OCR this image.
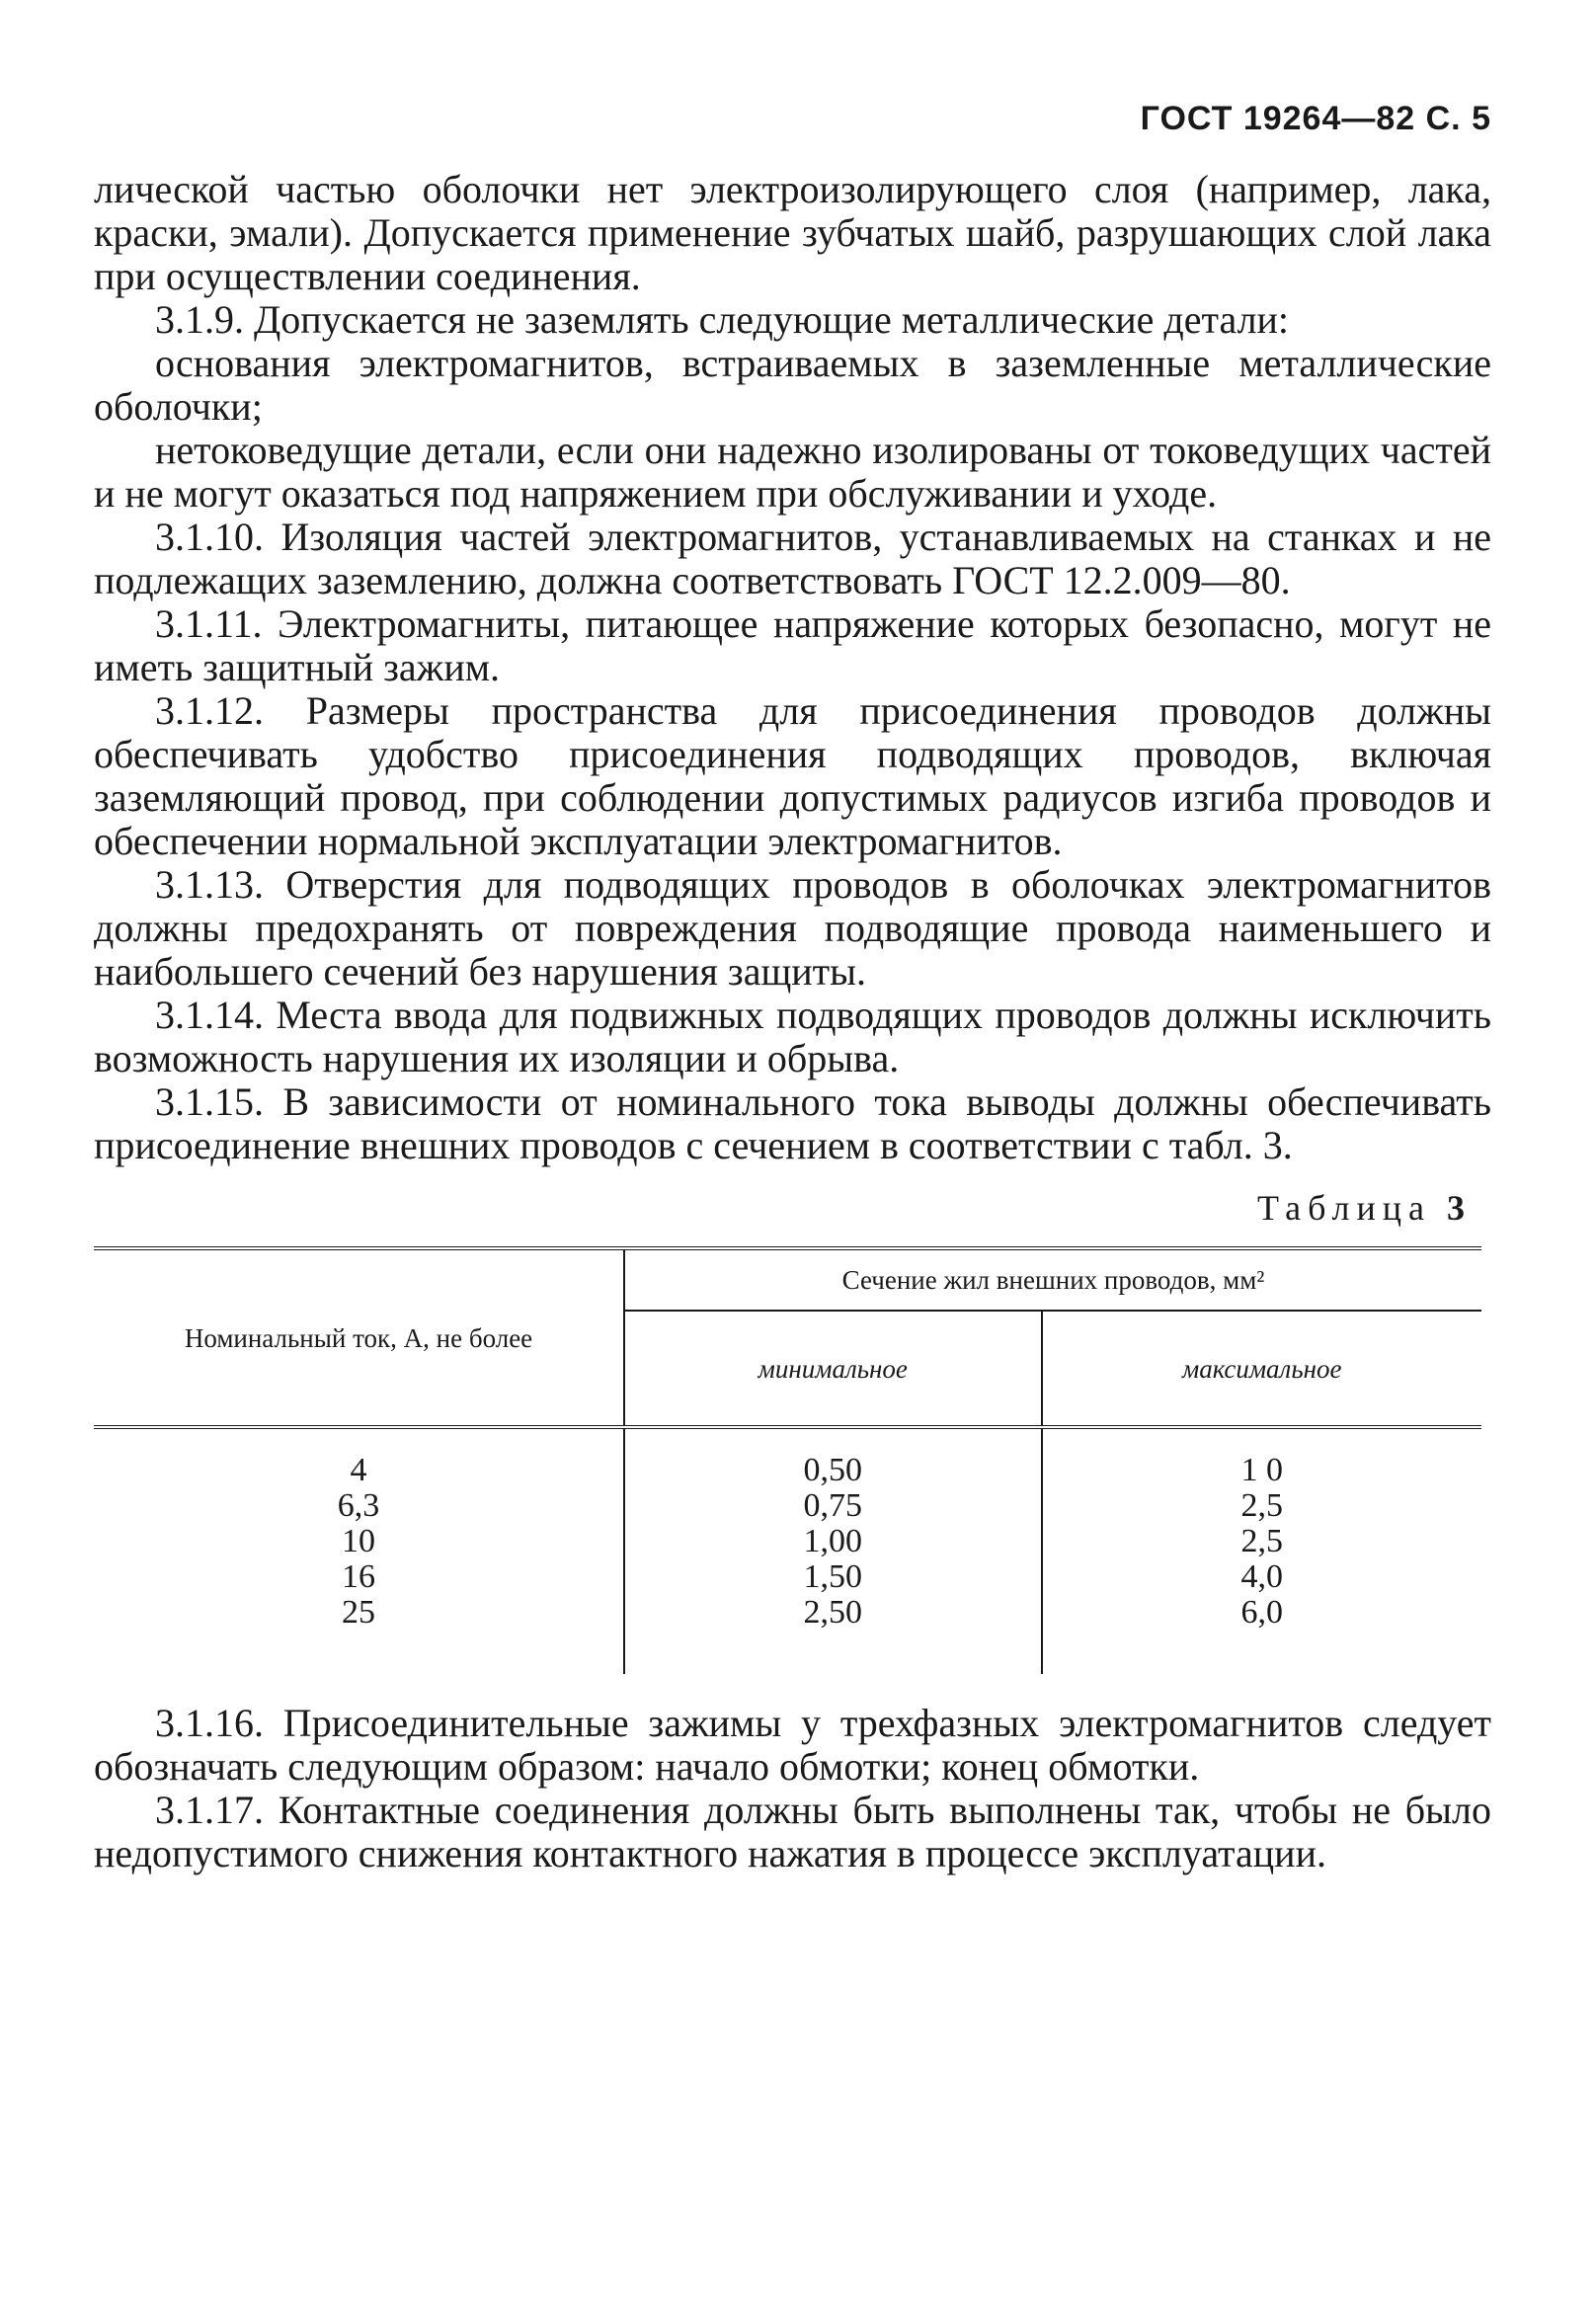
ГОСТ 19264—82 С. 5

лической частью оболочки нет электроизолирующего слоя (например, лака, краски, эмали). Допускается применение зубчатых шайб, разрушающих слой лака при осуществлении соединения.

3.1.9. Допускается не заземлять следующие металлические детали:

основания электромагнитов, встраиваемых в заземленные металлические оболочки;

нетоковедущие детали, если они надежно изолированы от токоведущих частей и не могут оказаться под напряжением при обслуживании и уходе.

3.1.10. Изоляция частей электромагнитов, устанавливаемых на станках и не подлежащих заземлению, должна соответствовать ГОСТ 12.2.009—80.

3.1.11. Электромагниты, питающее напряжение которых безопасно, могут не иметь защитный зажим.

3.1.12. Размеры пространства для присоединения проводов должны обеспечивать удобство присоединения подводящих проводов, включая заземляющий провод, при соблюдении допустимых радиусов изгиба проводов и обеспечении нормальной эксплуатации электромагнитов.

3.1.13. Отверстия для подводящих проводов в оболочках электромагнитов должны предохранять от повреждения подводящие провода наименьшего и наибольшего сечений без нарушения защиты.

3.1.14. Места ввода для подвижных подводящих проводов должны исключить возможность нарушения их изоляции и обрыва.

3.1.15. В зависимости от номинального тока выводы должны обеспечивать присоединение внешних проводов с сечением в соответствии с табл. 3.

Таблица 3
Номинальный ток, А, не более	Сечение жил внешних проводов, мм²	
	минимальное	максимальное
4	0,50	1 0
6,3	0,75	2,5
10	1,00	2,5
16	1,50	4,0
25	2,50	6,0

3.1.16. Присоединительные зажимы у трехфазных электромагнитов следует обозначать следующим образом: начало обмотки; конец обмотки.

3.1.17. Контактные соединения должны быть выполнены так, чтобы не было недопустимого снижения контактного нажатия в процессе эксплуатации.
